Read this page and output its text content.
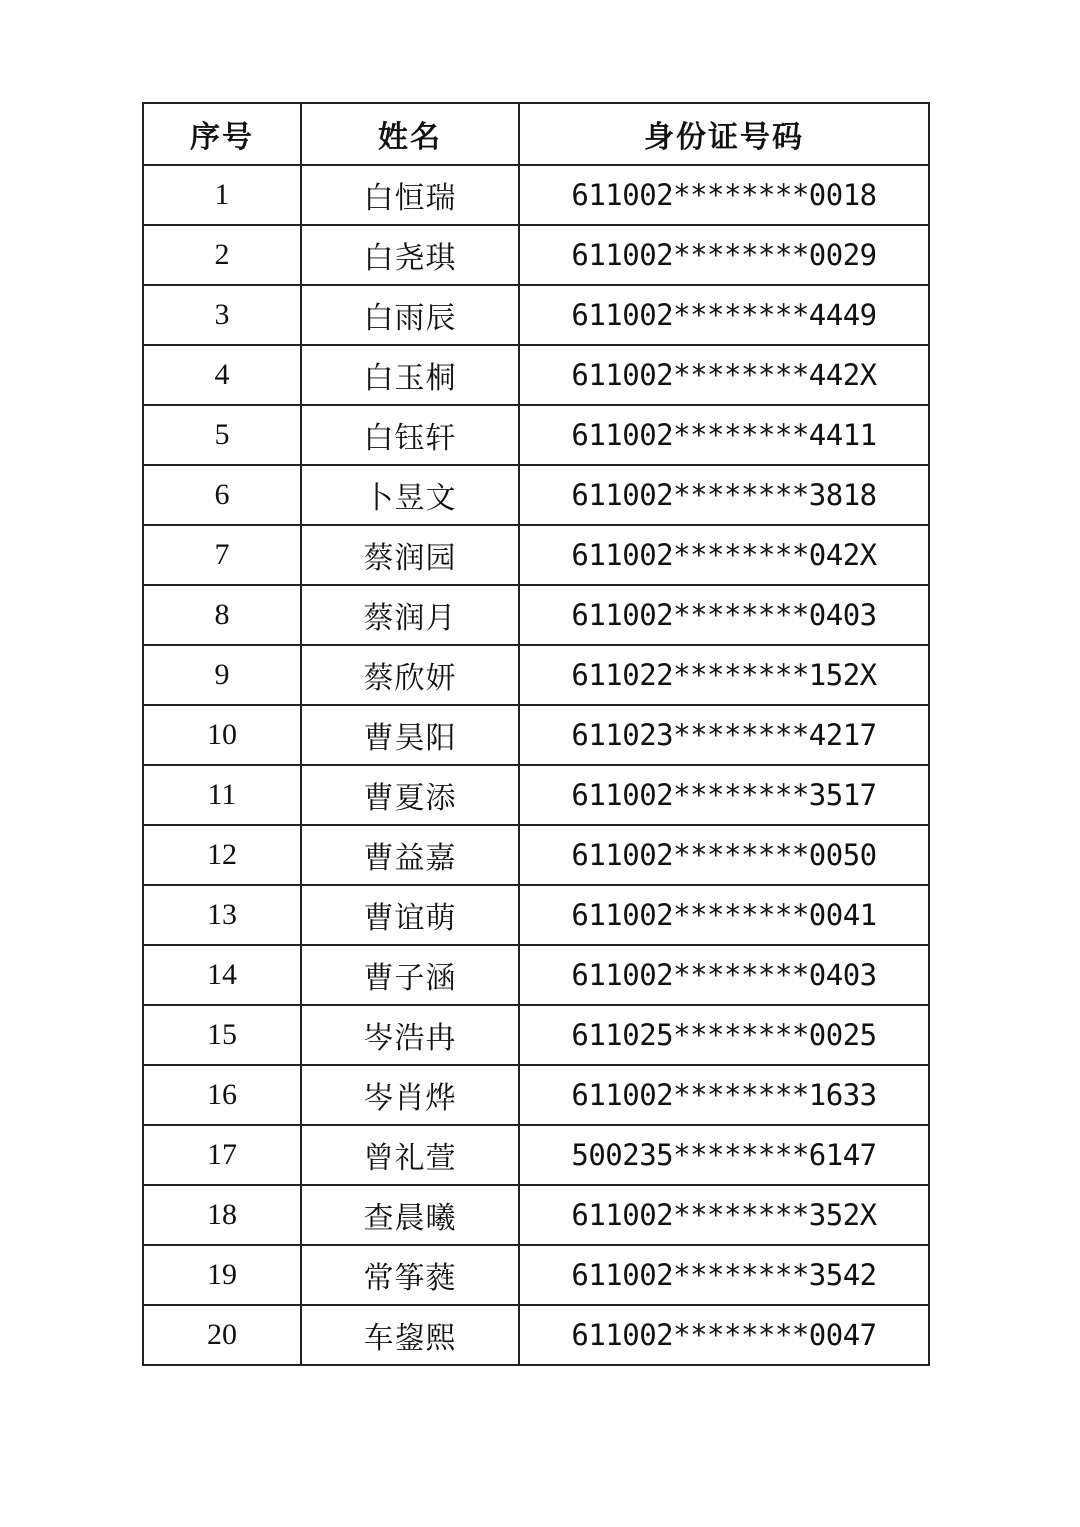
序号	姓名	身份证号码
1	白恒瑞	611002********0018
2	白尧琪	611002********0029
3	白雨辰	611002********4449
4	白玉桐	611002********442X
5	白钰轩	611002********4411
6	卜昱文	611002********3818
7	蔡润园	611002********042X
8	蔡润月	611002********0403
9	蔡欣妍	611022********152X
10	曹昊阳	611023********4217
11	曹夏添	611002********3517
12	曹益嘉	611002********0050
13	曹谊萌	611002********0041
14	曹子涵	611002********0403
15	岑浩冉	611025********0025
16	岑肖烨	611002********1633
17	曾礼萱	500235********6147
18	查晨曦	611002********352X
19	常筝蕤	611002********3542
20	车鋆熙	611002********0047
